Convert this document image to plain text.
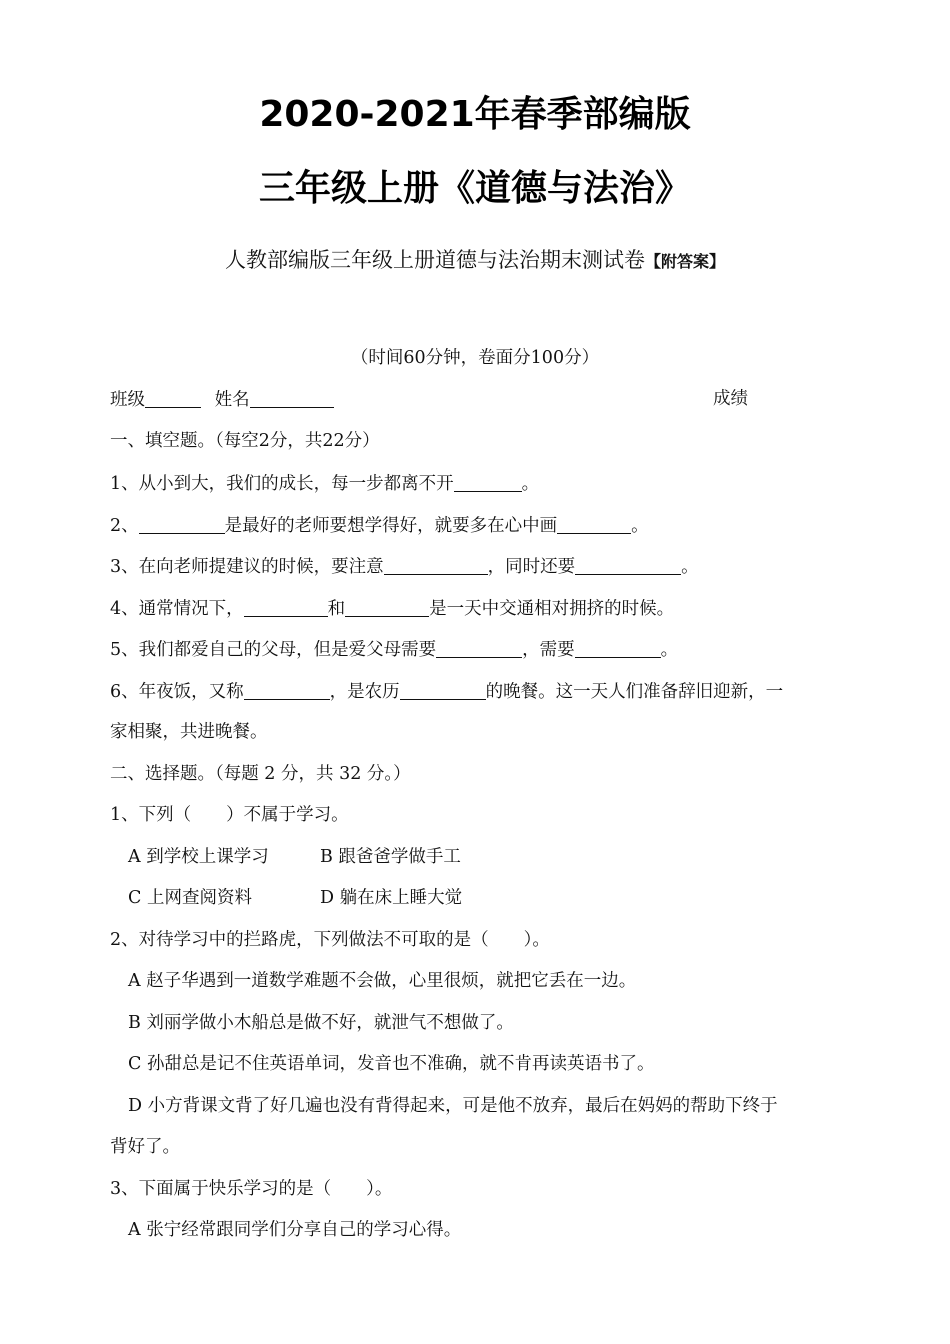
2020-2021年春季部编版
三年级上册《道德与法治》
人教部编版三年级上册道德与法治期末测试卷【附答案】
（时间60分钟，卷面分100分）
班级	姓名	成绩
一、填空题。（每空2分，共22分）
1、从小到大，我们的成长，每一步都离不开	。
2、	是最好的老师要想学得好，就要多在心中画	。
3、在向老师提建议的时候，要注意	，同时还要	。
4、通常情况下，	和	是一天中交通相对拥挤的时候。
5、我们都爱自己的父母，但是爱父母需要	，需要	。
6、年夜饭，又称	，是农历	的晚餐。这一天人们准备辞旧迎新，一
家相聚，共进晚餐。
二、选择题。（每题 2 分，共 32 分。）
1、下列（　　）不属于学习。
A 到学校上课学习	B 跟爸爸学做手工
C 上网查阅资料	D 躺在床上睡大觉
2、对待学习中的拦路虎，下列做法不可取的是（　　）。
A 赵子华遇到一道数学难题不会做，心里很烦，就把它丢在一边。
B 刘丽学做小木船总是做不好，就泄气不想做了。
C 孙甜总是记不住英语单词，发音也不准确，就不肯再读英语书了。
D 小方背课文背了好几遍也没有背得起来，可是他不放弃，最后在妈妈的帮助下终于
背好了。
3、下面属于快乐学习的是（　　）。
A 张宁经常跟同学们分享自己的学习心得。
